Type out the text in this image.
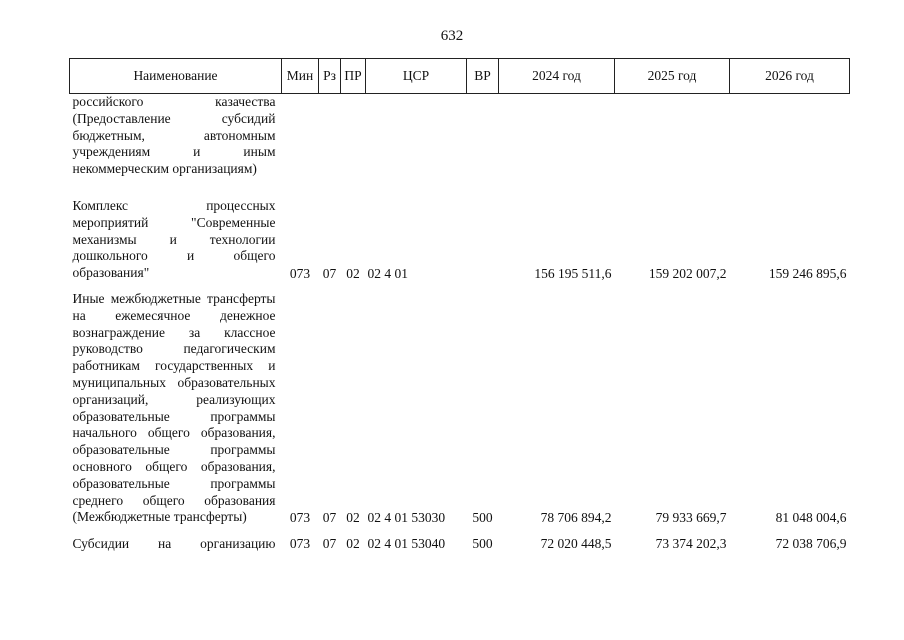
632
Наименование	Мин	Рз	ПР	ЦСР	ВР	2024 год	2025 год	2026 год
российского казачества (Предоставление субсидий бюджетным, автономным учреждениям и иным некоммерческим организациям)								
Комплекс процессных мероприятий "Современные механизмы и технологии дошкольного и общего образования"	073	07	02	02 4 01		156 195 511,6	159 202 007,2	159 246 895,6
Иные межбюджетные трансферты на ежемесячное денежное вознаграждение за классное руководство педагогическим работникам государственных и муниципальных образовательных организаций, реализующих образовательные программы начального общего образования, образовательные программы основного общего образования, образовательные программы среднего общего образования (Межбюджетные трансферты)	073	07	02	02 4 01 53030	500	78 706 894,2	79 933 669,7	81 048 004,6
Субсидии на организацию	073	07	02	02 4 01 53040	500	72 020 448,5	73 374 202,3	72 038 706,9
